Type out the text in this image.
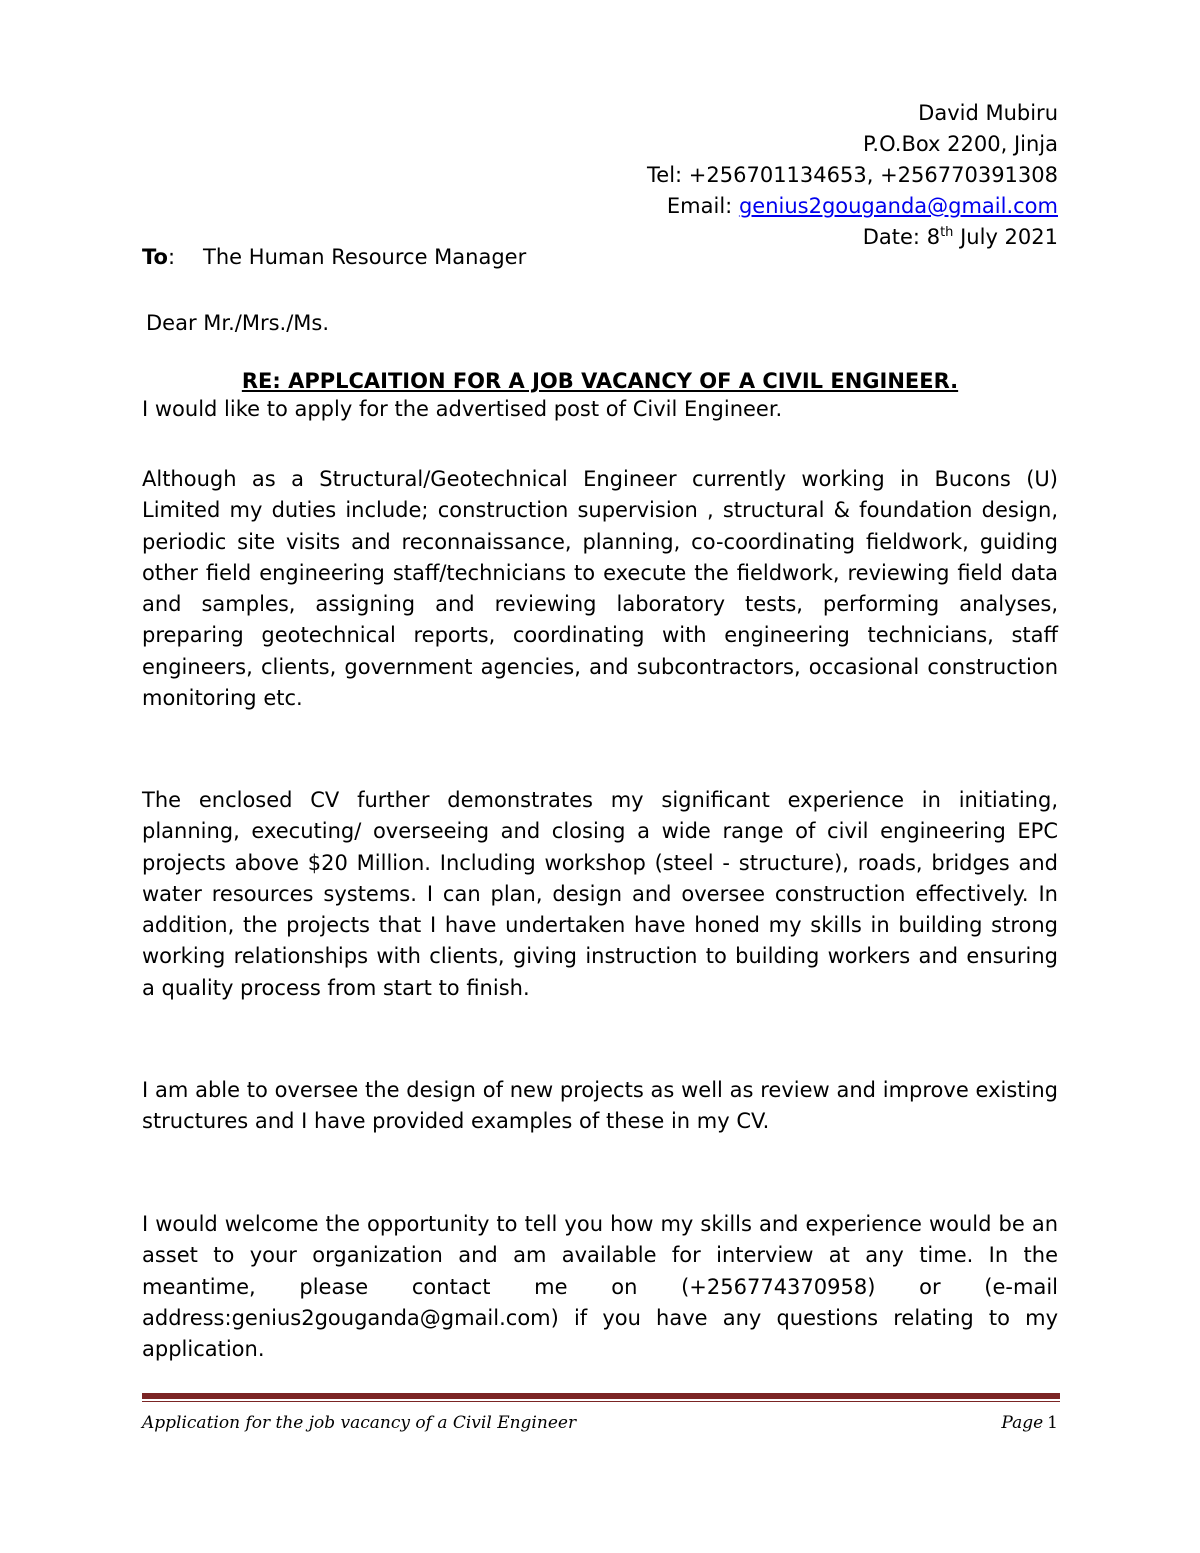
David Mubiru
P.O.Box 2200, Jinja
Tel: +256701134653, +256770391308
Email: genius2gouganda@gmail.com
Date: 8th July 2021
To: The Human Resource Manager
Dear Mr./Mrs./Ms.
RE: APPLCAITION FOR A JOB VACANCY OF A CIVIL ENGINEER.

I would like to apply for the advertised post of Civil Engineer.

Although as a Structural/Geotechnical Engineer currently working in Bucons (U) Limited my duties include; construction supervision , structural & foundation design, periodic site visits and reconnaissance, planning, co-coordinating fieldwork, guiding other field engineering staff/technicians to execute the fieldwork, reviewing field data and samples, assigning and reviewing laboratory tests, performing analyses, preparing geotechnical reports, coordinating with engineering technicians, staff engineers, clients, government agencies, and subcontractors, occasional construction monitoring etc.

The enclosed CV further demonstrates my significant experience in initiating, planning, executing/ overseeing and closing a wide range of civil engineering EPC projects above $20 Million. Including workshop (steel - structure), roads, bridges and water resources systems. I can plan, design and oversee construction effectively. In addition, the projects that I have undertaken have honed my skills in building strong working relationships with clients, giving instruction to building workers and ensuring a quality process from start to finish.

I am able to oversee the design of new projects as well as review and improve existing structures and I have provided examples of these in my CV.

I would welcome the opportunity to tell you how my skills and experience would be an asset to your organization and am available for interview at any time. In the meantime, please contact me on (+256774370958) or (e-mail address:genius2gouganda@gmail.com) if you have any questions relating to my application.

Application for the job vacancy of a Civil Engineer	Page 1
